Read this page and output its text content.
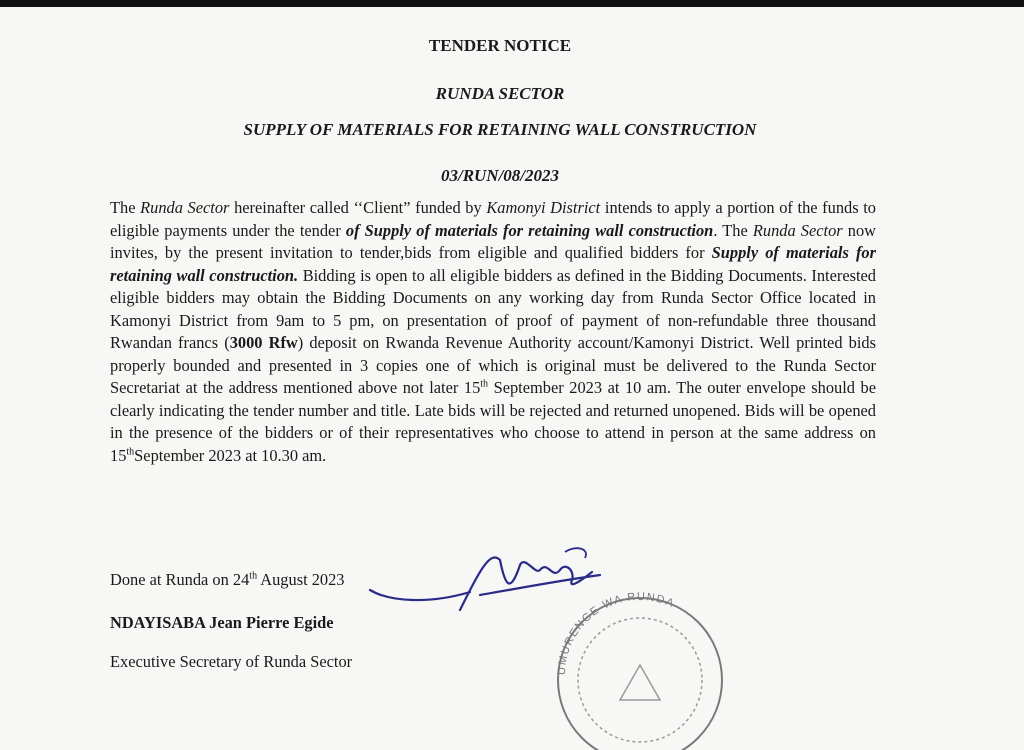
TENDER NOTICE
RUNDA SECTOR
SUPPLY OF MATERIALS FOR RETAINING WALL CONSTRUCTION
03/RUN/08/2023

The Runda Sector hereinafter called ‘‘Client” funded by Kamonyi District intends to apply a portion of the funds to eligible payments under the tender of Supply of materials for retaining wall construction. The Runda Sector now invites, by the present invitation to tender,bids from eligible and qualified bidders for Supply of materials for retaining wall construction. Bidding is open to all eligible bidders as defined in the Bidding Documents. Interested eligible bidders may obtain the Bidding Documents on any working day from Runda Sector Office located in Kamonyi District from 9am to 5 pm, on presentation of proof of payment of non-refundable three thousand Rwandan francs (3000 Rfw) deposit on Rwanda Revenue Authority account/Kamonyi District. Well printed bids properly bounded and presented in 3 copies one of which is original must be delivered to the Runda Sector Secretariat at the address mentioned above not later 15th September 2023 at 10 am. The outer envelope should be clearly indicating the tender number and title. Late bids will be rejected and returned unopened. Bids will be opened in the presence of the bidders or of their representatives who choose to attend in person at the same address on 15thSeptember 2023 at 10.30 am.

Done at Runda on 24th August 2023
NDAYISABA Jean Pierre Egide
Executive Secretary of Runda Sector	UMURENGE WA RUNDA
